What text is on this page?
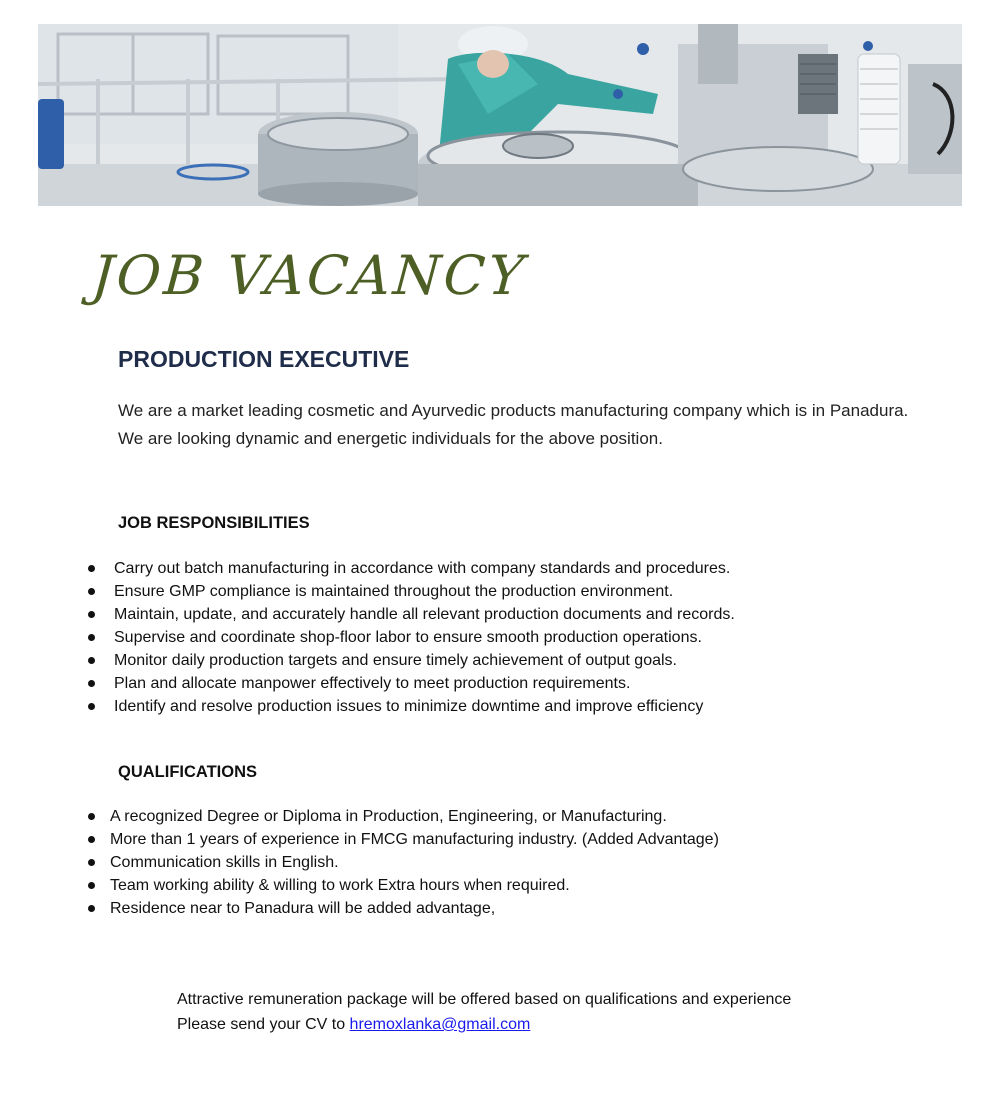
JOB VACANCY
PRODUCTION EXECUTIVE
We are a market leading cosmetic and Ayurvedic products manufacturing company which is in Panadura.
We are looking dynamic and energetic individuals for the above position.
JOB RESPONSIBILITIES
Carry out batch manufacturing in accordance with company standards and procedures.
Ensure GMP compliance is maintained throughout the production environment.
Maintain, update, and accurately handle all relevant production documents and records.
Supervise and coordinate shop-floor labor to ensure smooth production operations.
Monitor daily production targets and ensure timely achievement of output goals.
Plan and allocate manpower effectively to meet production requirements.
Identify and resolve production issues to minimize downtime and improve efficiency
QUALIFICATIONS
A recognized Degree or Diploma in Production, Engineering, or Manufacturing.
More than 1 years of experience in FMCG manufacturing industry. (Added Advantage)
Communication skills in English.
Team working ability & willing to work Extra hours when required.
Residence near to Panadura will be added advantage,
Attractive remuneration package will be offered based on qualifications and experience
Please send your CV to hremoxlanka@gmail.com
